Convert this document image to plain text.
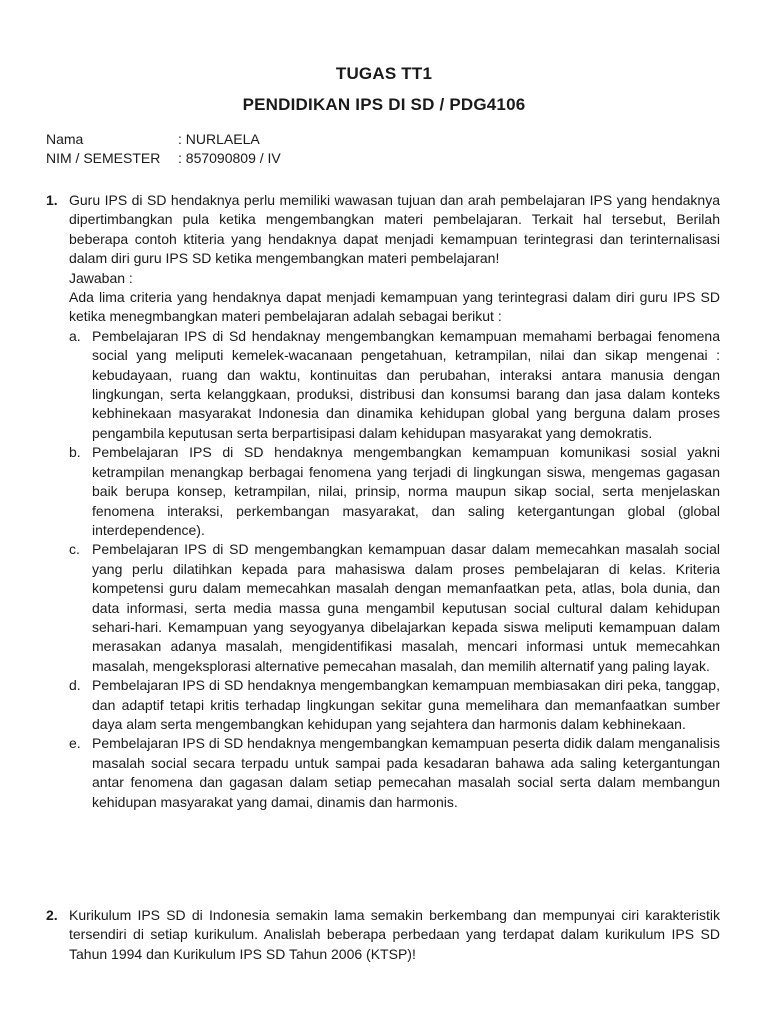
TUGAS TT1
PENDIDIKAN IPS DI SD / PDG4106
Nama	: NURLAELA
NIM / SEMESTER	: 857090809 / IV
1. Guru IPS di SD hendaknya perlu memiliki wawasan tujuan dan arah pembelajaran IPS yang hendaknya dipertimbangkan pula ketika mengembangkan materi pembelajaran. Terkait hal tersebut, Berilah beberapa contoh ktiteria yang hendaknya dapat menjadi kemampuan terintegrasi dan terinternalisasi dalam diri guru IPS SD ketika mengembangkan materi pembelajaran!
Jawaban :
Ada lima criteria yang hendaknya dapat menjadi kemampuan yang terintegrasi dalam diri guru IPS SD ketika menegmbangkan materi pembelajaran adalah sebagai berikut :
a. Pembelajaran IPS di Sd hendaknay mengembangkan kemampuan memahami berbagai fenomena social yang meliputi kemelek-wacanaan pengetahuan, ketrampilan, nilai dan sikap mengenai : kebudayaan, ruang dan waktu, kontinuitas dan perubahan, interaksi antara manusia dengan lingkungan, serta kelanggkaan, produksi, distribusi dan konsumsi barang dan jasa dalam konteks kebhinekaan masyarakat Indonesia dan dinamika kehidupan global yang berguna dalam proses pengambila keputusan serta berpartisipasi dalam kehidupan masyarakat yang demokratis.
b. Pembelajaran IPS di SD hendaknya mengembangkan kemampuan komunikasi sosial yakni ketrampilan menangkap berbagai fenomena yang terjadi di lingkungan siswa, mengemas gagasan baik berupa konsep, ketrampilan, nilai, prinsip, norma maupun sikap social, serta menjelaskan fenomena interaksi, perkembangan masyarakat, dan saling ketergantungan global (global interdependence).
c. Pembelajaran IPS di SD mengembangkan kemampuan dasar dalam memecahkan masalah social yang perlu dilatihkan kepada para mahasiswa dalam proses pembelajaran di kelas. Kriteria kompetensi guru dalam memecahkan masalah dengan memanfaatkan peta, atlas, bola dunia, dan data informasi, serta media massa guna mengambil keputusan social cultural dalam kehidupan sehari-hari. Kemampuan yang seyogyanya dibelajarkan kepada siswa meliputi kemampuan dalam merasakan adanya masalah, mengidentifikasi masalah, mencari informasi untuk memecahkan masalah, mengeksplorasi alternative pemecahan masalah, dan memilih alternatif yang paling layak.
d. Pembelajaran IPS di SD hendaknya mengembangkan kemampuan membiasakan diri peka, tanggap, dan adaptif tetapi kritis terhadap lingkungan sekitar guna memelihara dan memanfaatkan sumber daya alam serta mengembangkan kehidupan yang sejahtera dan harmonis dalam kebhinekaan.
e. Pembelajaran IPS di SD hendaknya mengembangkan kemampuan peserta didik dalam menganalisis masalah social secara terpadu untuk sampai pada kesadaran bahawa ada saling ketergantungan antar fenomena dan gagasan dalam setiap pemecahan masalah social serta dalam membangun kehidupan masyarakat yang damai, dinamis dan harmonis.
2. Kurikulum IPS SD di Indonesia semakin lama semakin berkembang dan mempunyai ciri karakteristik tersendiri di setiap kurikulum. Analislah beberapa perbedaan yang terdapat dalam kurikulum IPS SD Tahun 1994 dan Kurikulum IPS SD Tahun 2006 (KTSP)!
